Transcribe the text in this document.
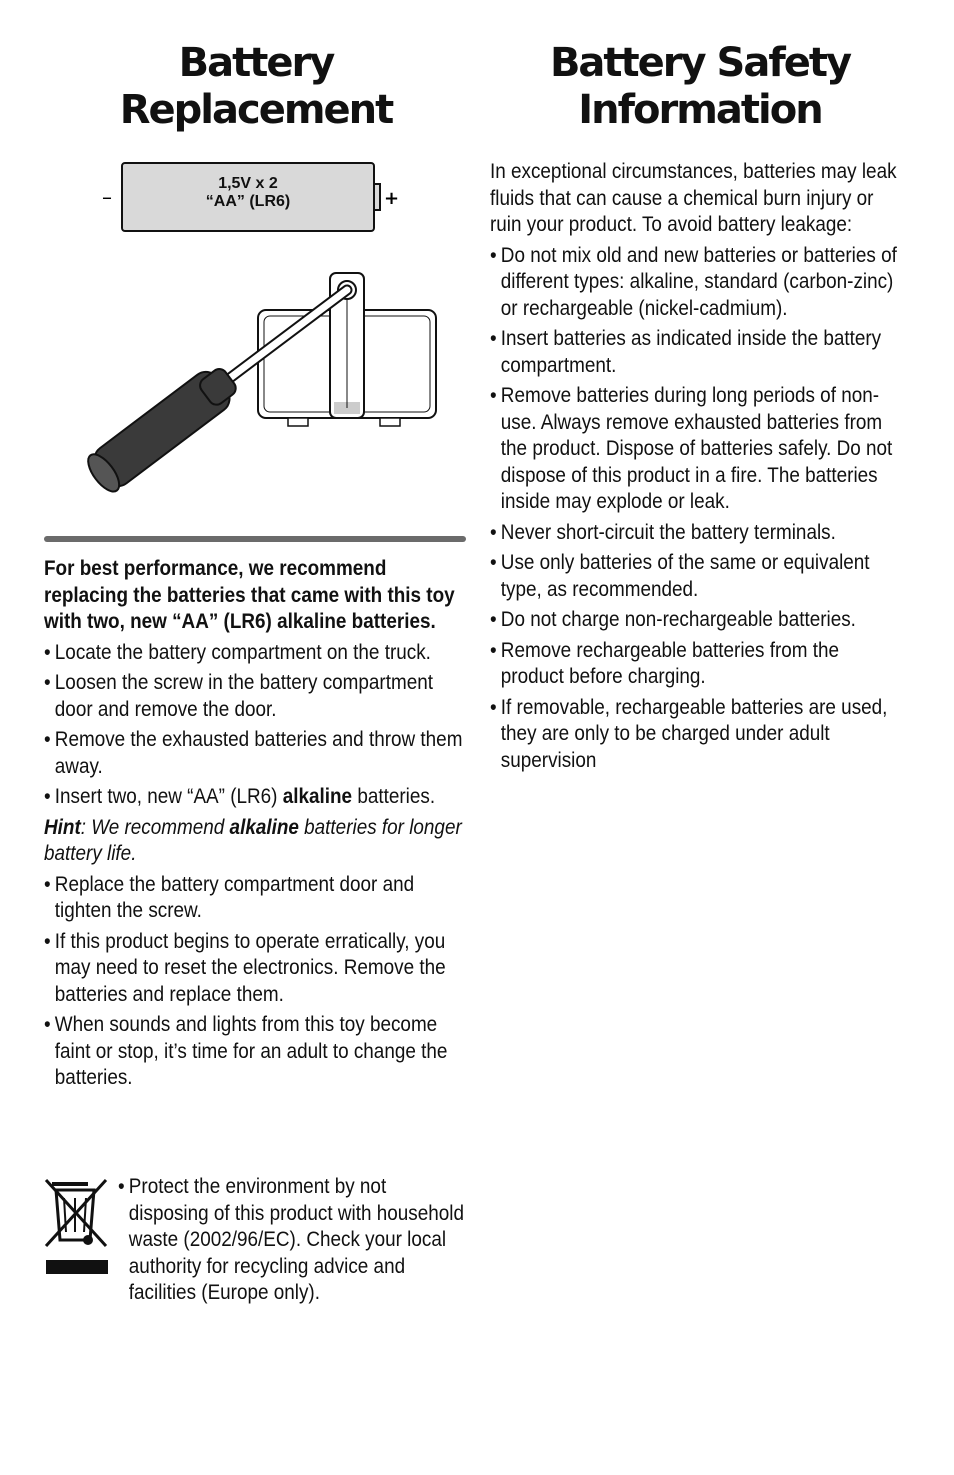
Battery
Replacement
–	+
1,5V x 2
“AA” (LR6)
For best performance, we recommend replacing the batteries that came with this toy with two, new “AA” (LR6) alkaline batteries.
• Locate the battery compartment on the truck.
• Loosen the screw in the battery compartment door and remove the door.
• Remove the exhausted batteries and throw them away.
• Insert two, new “AA” (LR6) alkaline batteries.
Hint: We recommend alkaline batteries for longer battery life.
• Replace the battery compartment door and tighten the screw.
• If this product begins to operate erratically, you may need to reset the electronics. Remove the batteries and replace them.
• When sounds and lights from this toy become faint or stop, it’s time for an adult to change the batteries.
• Protect the environment by not disposing of this product with household waste (2002/96/EC). Check your local authority for recycling advice and facilities (Europe only).
Battery Safety
Information
In exceptional circumstances, batteries may leak fluids that can cause a chemical burn injury or ruin your product. To avoid battery leakage:
• Do not mix old and new batteries or batteries of different types: alkaline, standard (carbon-zinc) or rechargeable (nickel-cadmium).
• Insert batteries as indicated inside the battery compartment.
• Remove batteries during long periods of non-use. Always remove exhausted batteries from the product. Dispose of batteries safely. Do not dispose of this product in a fire. The batteries inside may explode or leak.
• Never short-circuit the battery terminals.
• Use only batteries of the same or equivalent type, as recommended.
• Do not charge non-rechargeable batteries.
• Remove rechargeable batteries from the product before charging.
• If removable, rechargeable batteries are used, they are only to be charged under adult supervision
